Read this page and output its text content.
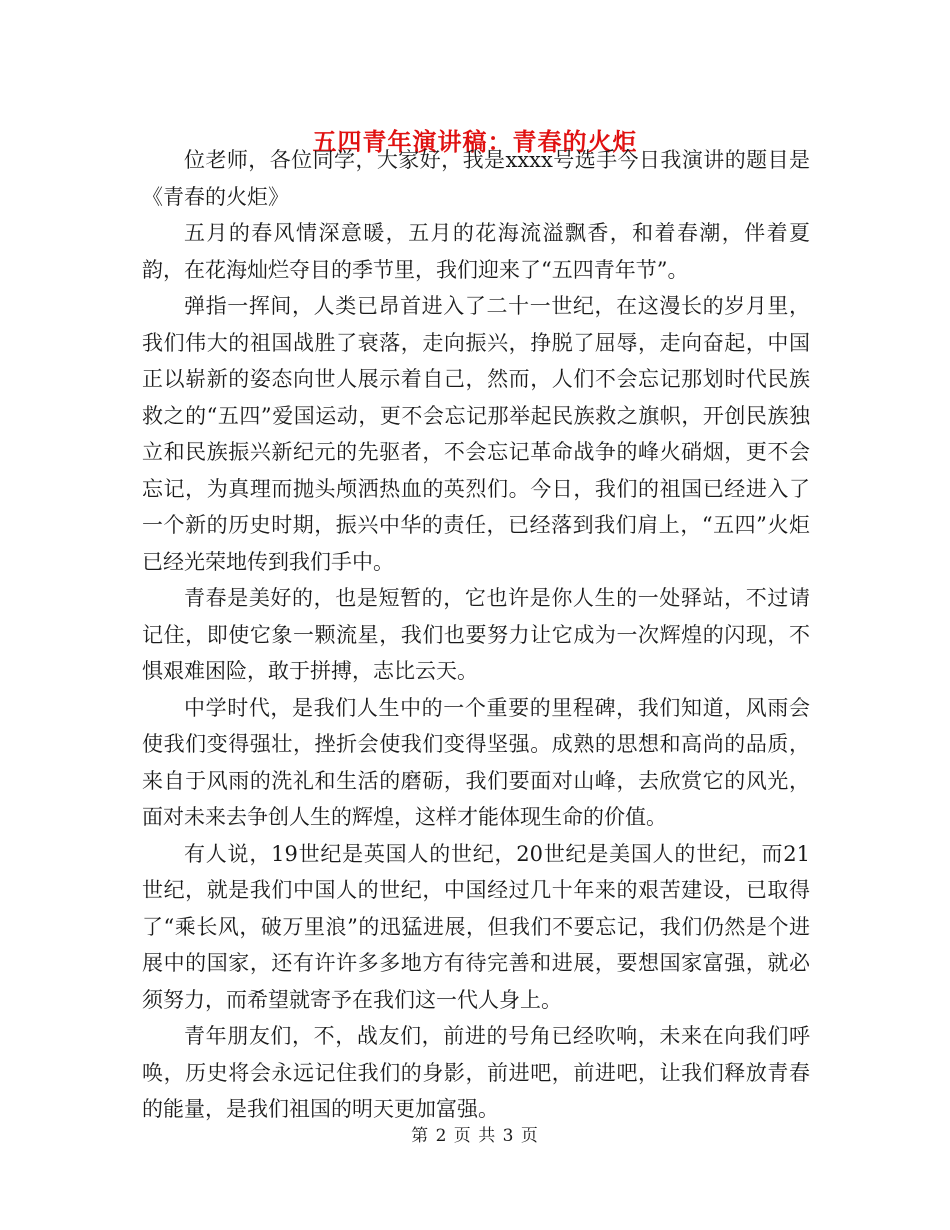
五四青年演讲稿：青春的火炬

位老师，各位同学，大家好，我是xxxx号选手今日我演讲的题目是《青春的火炬》

五月的春风情深意暖，五月的花海流溢飘香，和着春潮，伴着夏韵，在花海灿烂夺目的季节里，我们迎来了“五四青年节”。

弹指一挥间，人类已昂首进入了二十一世纪，在这漫长的岁月里，我们伟大的祖国战胜了衰落，走向振兴，挣脱了屈辱，走向奋起，中国正以崭新的姿态向世人展示着自己，然而，人们不会忘记那划时代民族救之的“五四”爱国运动，更不会忘记那举起民族救之旗帜，开创民族独立和民族振兴新纪元的先驱者，不会忘记革命战争的峰火硝烟，更不会忘记，为真理而抛头颅洒热血的英烈们。今日，我们的祖国已经进入了一个新的历史时期，振兴中华的责任，已经落到我们肩上，“五四”火炬已经光荣地传到我们手中。

青春是美好的，也是短暂的，它也许是你人生的一处驿站，不过请记住，即使它象一颗流星，我们也要努力让它成为一次辉煌的闪现，不惧艰难困险，敢于拼搏，志比云天。

中学时代，是我们人生中的一个重要的里程碑，我们知道，风雨会使我们变得强壮，挫折会使我们变得坚强。成熟的思想和高尚的品质，来自于风雨的洗礼和生活的磨砺，我们要面对山峰，去欣赏它的风光，面对未来去争创人生的辉煌，这样才能体现生命的价值。

有人说，19世纪是英国人的世纪，20世纪是美国人的世纪，而21世纪，就是我们中国人的世纪，中国经过几十年来的艰苦建设，已取得了“乘长风，破万里浪”的迅猛进展，但我们不要忘记，我们仍然是个进展中的国家，还有许许多多地方有待完善和进展，要想国家富强，就必须努力，而希望就寄予在我们这一代人身上。

青年朋友们，不，战友们，前进的号角已经吹响，未来在向我们呼唤，历史将会永远记住我们的身影，前进吧，前进吧，让我们释放青春的能量，是我们祖国的明天更加富强。

第 2 页 共 3 页
